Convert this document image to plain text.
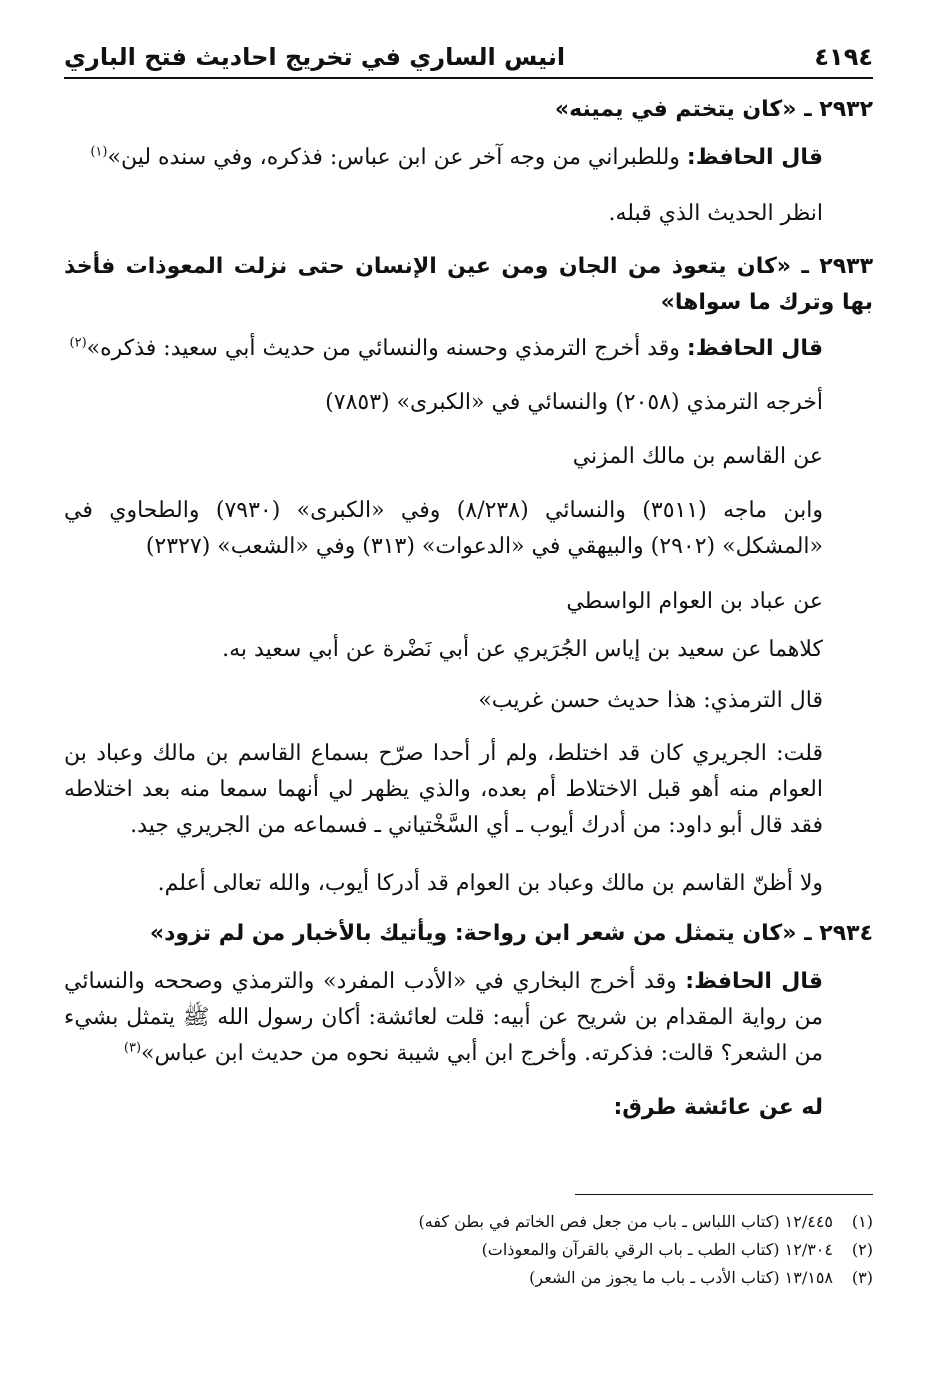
٤١٩٤
انيس الساري في تخريج احاديث فتح الباري

٢٩٣٢ ـ «كان يتختم في يمينه»

قال الحافظ: وللطبراني من وجه آخر عن ابن عباس: فذكره، وفي سنده لين»$^{(١)}$

انظر الحديث الذي قبله.

٢٩٣٣ ـ «كان يتعوذ من الجان ومن عين الإنسان حتى نزلت المعوذات فأخذ بها وترك ما سواها»

قال الحافظ: وقد أخرج الترمذي وحسنه والنسائي من حديث أبي سعيد: فذكره»$^{(٢)}$

أخرجه الترمذي (٢٠٥٨) والنسائي في «الكبرى» (٧٨٥٣)

عن القاسم بن مالك المزني

وابن ماجه (٣٥١١) والنسائي (٨/٢٣٨) وفي «الكبرى» (٧٩٣٠) والطحاوي في «المشكل» (٢٩٠٢) والبيهقي في «الدعوات» (٣١٣) وفي «الشعب» (٢٣٢٧)

عن عباد بن العوام الواسطي

كلاهما عن سعيد بن إياس الجُرَيري عن أبي نَضْرة عن أبي سعيد به.

قال الترمذي: هذا حديث حسن غريب»

قلت: الجريري كان قد اختلط، ولم أر أحدا صرّح بسماع القاسم بن مالك وعباد بن العوام منه أهو قبل الاختلاط أم بعده، والذي يظهر لي أنهما سمعا منه بعد اختلاطه فقد قال أبو داود: من أدرك أيوب ـ أي السَّخْتياني ـ فسماعه من الجريري جيد.

ولا أظنّ القاسم بن مالك وعباد بن العوام قد أدركا أيوب، والله تعالى أعلم.

٢٩٣٤ ـ «كان يتمثل من شعر ابن رواحة: ويأتيك بالأخبار من لم تزود»

قال الحافظ: وقد أخرج البخاري في «الأدب المفرد» والترمذي وصححه والنسائي من رواية المقدام بن شريح عن أبيه: قلت لعائشة: أكان رسول الله ﷺ يتمثل بشيء من الشعر؟ قالت: فذكرته. وأخرج ابن أبي شيبة نحوه من حديث ابن عباس»$^{(٣)}$

له عن عائشة طرق:

(١)١٢/٤٤٥ (كتاب اللباس ـ باب من جعل فص الخاتم في بطن كفه)

(٢)١٢/٣٠٤ (كتاب الطب ـ باب الرقي بالقرآن والمعوذات)

(٣)١٣/١٥٨ (كتاب الأدب ـ باب ما يجوز من الشعر)
